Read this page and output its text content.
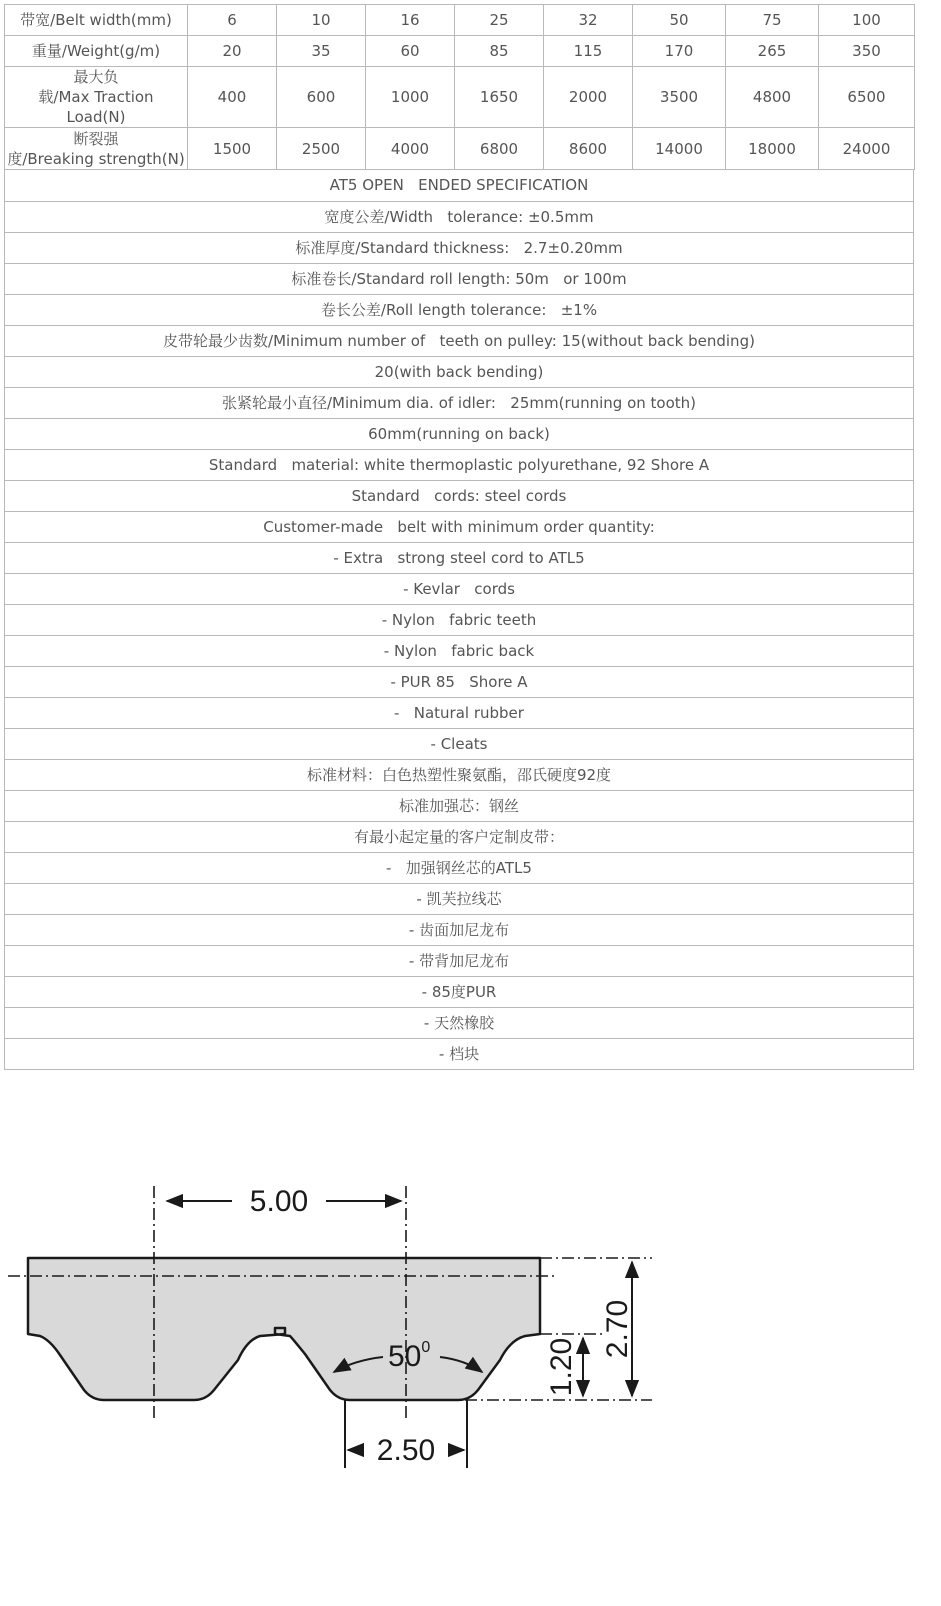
带宽/Belt width(mm)	6	10	16	25	32	50	75	100
重量/Weight(g/m)	20	35	60	85	115	170	265	350
最大负
载/Max Traction Load(N)	400	600	1000	1650	2000	3500	4800	6500
断裂强
度/Breaking strength(N)	1500	2500	4000	6800	8600	14000	18000	24000
AT5 OPEN   ENDED SPECIFICATION
宽度公差/Width   tolerance: ±0.5mm
标准厚度/Standard thickness:   2.7±0.20mm
标准卷长/Standard roll length: 50m   or 100m
卷长公差/Roll length tolerance:   ±1%
皮带轮最少齿数/Minimum number of   teeth on pulley: 15(without back bending)
20(with back bending)
张紧轮最小直径/Minimum dia. of idler:   25mm(running on tooth)
60mm(running on back)
Standard   material: white thermoplastic polyurethane, 92 Shore A
Standard   cords: steel cords
Customer-made   belt with minimum order quantity:
- Extra   strong steel cord to ATL5
- Kevlar   cords
- Nylon   fabric teeth
- Nylon   fabric back
- PUR 85   Shore A
-   Natural rubber
- Cleats
标准材料：白色热塑性聚氨酯，邵氏硬度92度
标准加强芯：钢丝
有最小起定量的客户定制皮带：
-   加强钢丝芯的ATL5
- 凯芙拉线芯
- 齿面加尼龙布
- 带背加尼龙布
- 85度PUR
- 天然橡胶
- 档块
5.00
$50^0$
2.50
1.20
2.70
